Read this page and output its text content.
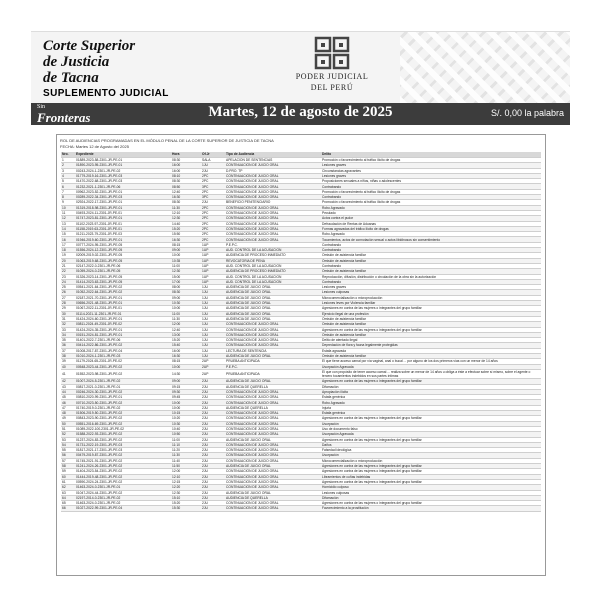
Corte Superior
de Justicia
de Tacna
SUPLEMENTO JUDICIAL
PODER JUDICIAL
DEL PERÚ
Martes, 12 de agosto de 2025
Sin
Fronteras	S/. 0,00 la palabra
ROL DE AUDIENCIAS PROGRAMADAS EN EL MÓDULO PENAL DE LA CORTE SUPERIOR DE JUSTICIA DE TACNA
FECHA: Martes 12 de Agosto del 2025
Nro.	Expediente	Hora	Of.Jr	Tipo de Audiencia	Delito
1	01889-2023-58-2301-JR-PE-01	08:30	SALA	APELACION DE SENTENCIAS	Promoción o favorecimiento al tráfico ilícito de drogas
2	01890-2023-95-2301-JR-PE-01	16:00	1JU	CONTINUACION DE JUICIO ORAL	Lesiones graves
3	00243-2024-1-2301-JR-PE-02	16:00	2JU	D.PRO. TP	Circunstancias agravantes
4	01779-2019-16-2301-JR-PE-03	08:10	2PC	CONTINUACION DE JUICIO ORAL	Lesiones graves
5	01470-2022-68-2301-JR-PE-03	08:30	2PC	CONTINUACION DE JUICIO ORAL	Proposiciones sexuales a niños, niñas o adolescentes
6	01232-2021-1-2301-JR-PE-06	08:50	3PC	CONTINUACION DE JUICIO ORAL	Contrabando
7	00962-2023-52-2301-JR-PE-01	12:40	2PC	CONTINUACION DE JUICIO ORAL	Promoción o favorecimiento al tráfico ilícito de drogas
8	00289-2022-34-2301-JR-PE-03	16:30	3PC	CONTINUACION DE JUICIO ORAL	Contrabando
9	02924-2022-17-2301-JR-PE-01	08:30	2JU	BENEFICIO PENITENCIARIO	Promoción o favorecimiento al tráfico ilícito de drogas
10	01319-2018-98-2301-JR-PE-01	11:30	2PC	CONTINUACION DE JUICIO ORAL	Robo Agravado
11	00493-2024-11-2301-JR-PE-01	12:10	2PC	CONTINUACION DE JUICIO ORAL	Peculado
12	01747-2023-81-2301-JR-PE-01	12:30	2PC	CONTINUACION DE JUICIO ORAL	Actos contra el pudor
13	01102-2023-97-2301-JR-PE-01	14:40	2PC	CONTINUACION DE JUICIO ORAL	Defraudación de Rentas de Aduanas
14	01158-2019-63-2301-JR-PE-01	15:20	2PC	CONTINUACION DE JUICIO ORAL	Formas agravadas del tráfico ilícito de drogas
15	01211-2023-79-2301-JR-PE-03	15:50	2PC	CONTINUACION DE JUICIO ORAL	Robo Agravado
16	01946-2019-60-2301-JR-PE-01	16:30	2PC	CONTINUACION DE JUICIO ORAL	Tocamientos, actos de connotación sexual o actos libidinosos sin consentimiento
17	00777-2024-95-2301-JR-PE-05	08:15	1UP	P.E.P.C.	Contrabando
18	01556-2024-12-2301-JR-PE-05	09:00	1UP	AUD. CONTROL DE LA ACUSACION	Contrabando
19	02009-2019-02-2301-JR-PE-05	10:00	1UP	AUDIENCIA DE PROCESO INMEDIATO	Omisión de asistencia familiar
20	01063-2019-68-2301-JR-PE-05	10:35	1UP	REVOCATORIA DE PENA	Omisión de asistencia familiar
21	02147-2022-0-2301-JR-PE-06	11:00	1UP	AUD. CONTROL DE LA ACUSACION	Contrabando
22	01059-2024-0-2301-JR-PE-05	12:30	1UP	AUDIENCIA DE PROCESO INMEDIATO	Omisión de asistencia familiar
23	01326-2023-14-2301-JR-PE-05	15:00	1UP	AUD. CONTROL DE LA ACUSACION	Reproducción, difusión, distribución o circulación de la obra sin la autorización
24	01414-2023-63-2301-JR-PE-05	17:00	1UP	AUD. CONTROL DE LA ACUSACION	Contrabando
25	00541-2021-64-2301-JR-PE-02	08:00	1JU	AUDIENCIA DE JUICIO ORAL	Lesiones graves
26	01052-2022-64-2301-JR-PE-02	08:30	1JU	AUDIENCIA DE JUICIO ORAL	Lesiones culposas
27	02187-2021-70-2301-JR-PE-01	09:00	1JU	AUDIENCIA DE JUICIO ORAL	Microcomercialización o microproducción
28	00656-2021-48-2301-JR-PE-01	10:30	1JU	AUDIENCIA DE JUICIO ORAL	Lesiones leves por Violencia familiar
29	01067-2022-11-2301-JR-PE-01	10:00	1JU	AUDIENCIA DE JUICIO ORAL	Agresiones en contra de las mujeres o integrantes del grupo familiar
30	01114-2021-11-2301-JR-PE-01	11:00	1JU	AUDIENCIA DE JUICIO ORAL	Ejercicio ilegal de una profesión
31	01424-2024-60-2301-JR-PE-01	11:30	1JU	AUDIENCIA DE JUICIO ORAL	Omisión de asistencia familiar
32	00811-2024-49-2301-JR-PE-02	12:00	1JU	CONTINUACION DE JUICIO ORAL	Omisión de asistencia familiar
33	01424-2024-35-2301-JR-PE-01	12:40	1JU	CONTINUACION DE JUICIO ORAL	Agresiones en contra de las mujeres o integrantes del grupo familiar
34	00151-2024-81-2301-JR-PE-01	13:00	1JU	CONTINUACION DE JUICIO ORAL	Omisión de asistencia familiar
35	01401-2022-7-2301-JR-PE-06	15:20	1JU	CONTINUACION DE JUICIO ORAL	Delito de atentado ilegal
36	00414-2022-86-2301-JR-PE-02	15:40	1JU	CONTINUACION DE JUICIO ORAL	Depredación de flora y fauna legalmente protegidas
37	01008-2017-87-2301-JR-PE-04	16:00	1JU	LECTURA DE SENTENCIA	Estafa agravada
38	01010-2024-1-2301-JR-PE-03	16:30	1JU	AUDIENCIA DE JUICIO ORAL	Omisión de asistencia familiar
39	01179-2024-65-2301-JR-PE-02	08:15	2UP	PRUEBA ANTICIPADA	El que tiene acceso carnal por vía vaginal, anal o bucal ... por alguno de los dos primeros vías con un menor de 14 años
40	00548-2023-44-2301-JR-PE-02	10:00	2UP	P.E.P.C.	Usurpación Agravada
41	01552-2023-98-2301-JR-PE-02	14:30	2UP	PRUEBA ANTICIPADA	El que con propósito de tener acceso carnal ... realiza sobre un menor de 14 años u obliga a éste a efectuar sobre sí mismo, sobre el agente o tercero tocamientos indebidos en sus partes íntimas
42	01007-2024-5-2301-JR-PE-02	09:00	2JU	AUDIENCIA DE JUICIO ORAL	Agresiones en contra de las mujeres o integrantes del grupo familiar
43	00817-2021-0-2301-JR-PE-01	09:15	2JU	AUDIENCIA DE QUERELLA	Difamación
44	00246-2024-30-2301-JR-PE-02	09:30	2JU	CONTINUACION DE JUICIO ORAL	Apropiación ilícita
45	00810-2020-99-2301-JR-PE-01	09:45	2JU	CONTINUACION DE JUICIO ORAL	Estafa genérica
46	00710-2023-50-2301-JR-PE-02	10:00	2JU	CONTINUACION DE JUICIO ORAL	Robo Agravado
47	01740-2019-0-2301-JR-PE-02	10:00	2JU	AUDIENCIA DE QUERELLA	Injuria
48	01506-2019-50-2301-JR-PE-02	10:15	2JU	CONTINUACION DE JUICIO ORAL	Estafa genérica
49	00843-2023-90-2301-JR-PE-02	10:20	2JU	CONTINUACION DE JUICIO ORAL	Agresiones en contra de las mujeres o integrantes del grupo familiar
50	00551-2016-69-2301-JR-PE-02	10:30	2JU	CONTINUACION DE JUICIO ORAL	Usurpación
51	01089-2022-100-2301-JR-PE-02	10:40	2JU	CONTINUACION DE JUICIO ORAL	Uso de documento falso
52	01588-2022-93-2301-JR-PE-02	10:50	2JU	CONTINUACION DE JUICIO ORAL	Usurpación Agravada
53	01237-2024-83-2301-JR-PE-02	11:00	2JU	AUDIENCIA DE JUICIO ORAL	Agresiones en contra de las mujeres o integrantes del grupo familiar
54	01731-2022-19-2301-JR-PE-03	11:10	2JU	CONTINUACION DE JUICIO ORAL	Daños
55	01817-2021-17-2301-JR-PE-03	11:20	2JU	CONTINUACION DE JUICIO ORAL	Falsedad ideológica
56	00479-2019-87-2301-JR-PE-02	11:30	2JU	CONTINUACION DE JUICIO ORAL	Usurpación
57	01745-2021-91-2301-JR-PE-02	11:40	2JU	CONTINUACION DE JUICIO ORAL	Microcomercialización o microproducción
58	01241-2024-26-2301-JR-PE-02	11:50	2JU	AUDIENCIA DE JUICIO ORAL	Agresiones en contra de las mujeres o integrantes del grupo familiar
59	01404-2023-54-2301-JR-PE-02	12:00	2JU	CONTINUACION DE JUICIO ORAL	Agresiones en contra de las mujeres o integrantes del grupo familiar
60	01444-2019-48-2301-JR-PE-02	12:10	2JU	CONTINUACION DE JUICIO ORAL	Libramientos de cuñas indebidas
61	00590-2024-24-2301-JR-PE-02	12:15	2JU	CONTINUACION DE JUICIO ORAL	Agresiones en contra de las mujeres o integrantes del grupo familiar
62	01463-2024-0-2301-JR-PE-01	12:20	2JU	CONTINUACION DE JUICIO ORAL	Homicidio culposo
63	01047-2024-44-2301-JR-PE-02	12:30	2JU	AUDIENCIA DE JUICIO ORAL	Lesiones culposas
64	02197-2014-0-2301-JR-PE-02	15:10	2JU	AUDIENCIA DE QUERELLA	Difamación
65	01463-2024-0-2301-JR-PE-02	15:20	2JU	CONTINUACION DE JUICIO ORAL	Agresiones en contra de las mujeres o integrantes del grupo familiar
66	01027-2022-99-2301-JR-PE-04	15:30	2JU	CONTINUACION DE JUICIO ORAL	Favorecimiento a la prostitución
